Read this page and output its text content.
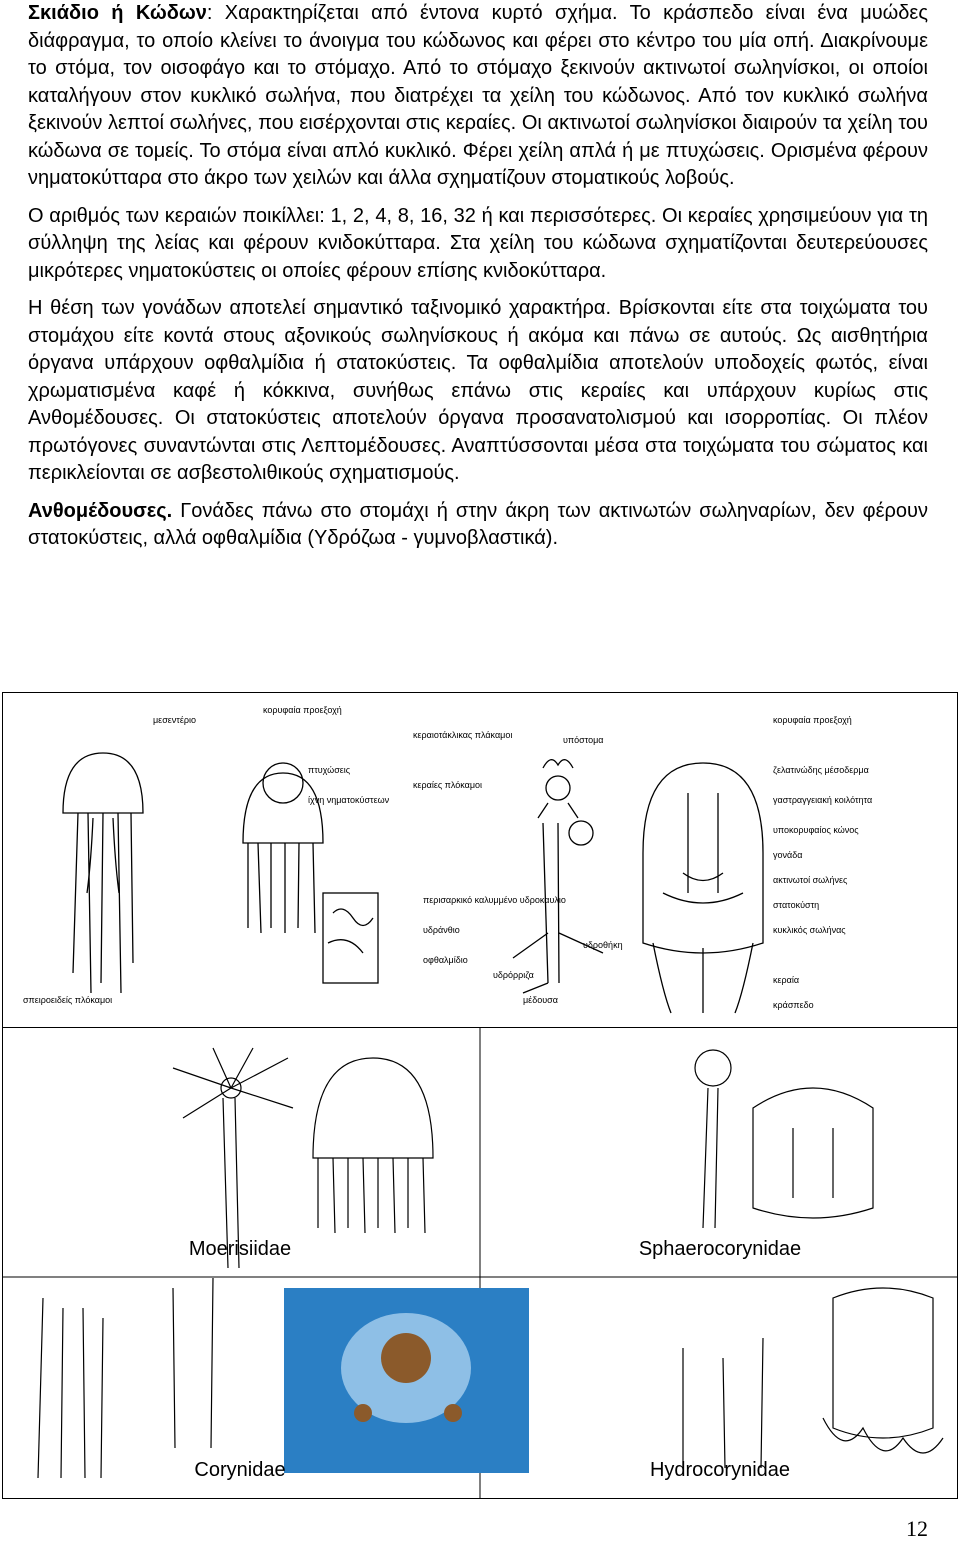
Σκιάδιο ή Κώδων: Χαρακτηρίζεται από έντονα κυρτό σχήμα. Το κράσπεδο είναι ένα μυώδες διάφραγμα, το οποίο κλείνει το άνοιγμα του κώδωνος και φέρει στο κέντρο του μία οπή. Διακρίνουμε το στόμα, τον οισοφάγο και το στόμαχο. Από το στόμαχο ξεκινούν ακτινωτοί σωληνίσκοι, οι οποίοι καταλήγουν στον κυκλικό σωλήνα, που διατρέχει τα χείλη του κώδωνος. Από τον κυκλικό σωλήνα ξεκινούν λεπτοί σωλήνες, που εισέρχονται στις κεραίες. Οι ακτινωτοί σωληνίσκοι διαιρούν τα χείλη του κώδωνα σε τομείς. Το στόμα είναι απλό κυκλικό. Φέρει χείλη απλά ή με πτυχώσεις. Ορισμένα φέρουν νηματοκύτταρα στο άκρο των χειλών και άλλα σχηματίζουν στοματικούς λοβούς.

Ο αριθμός των κεραιών ποικίλλει: 1, 2, 4, 8, 16, 32 ή και περισσότερες. Οι κεραίες χρησιμεύουν για τη σύλληψη της λείας και φέρουν κνιδοκύτταρα. Στα χείλη του κώδωνα σχηματίζονται δευτερεύουσες μικρότερες νηματοκύστεις οι οποίες φέρουν επίσης κνιδοκύτταρα.

Η θέση των γονάδων αποτελεί σημαντικό ταξινομικό χαρακτήρα. Βρίσκονται είτε στα τοιχώματα του στομάχου είτε κοντά στους αξονικούς σωληνίσκους ή ακόμα και πάνω σε αυτούς. Ως αισθητήρια όργανα υπάρχουν οφθαλμίδια ή στατοκύστεις. Τα οφθαλμίδια αποτελούν υποδοχείς φωτός, είναι χρωματισμένα καφέ ή κόκκινα, συνήθως επάνω στις κεραίες και υπάρχουν κυρίως στις Ανθομέδουσες. Οι στατοκύστεις αποτελούν όργανα προσανατολισμού και ισορροπίας. Οι πλέον πρωτόγονες συναντώνται στις Λεπτομέδουσες. Αναπτύσσονται μέσα στα τοιχώματα του σώματος και περικλείονται σε ασβεστολιθικούς σχηματισμούς.

Ανθομέδουσες. Γονάδες πάνω στο στομάχι ή στην άκρη των ακτινωτών σωληναρίων, δεν φέρουν στατοκύστεις, αλλά οφθαλμίδια (Υδρόζωα - γυμνοβλαστικά).

μεσεντέριο
σπειροειδείς πλόκαμοι
κορυφαία προεξοχή
πτυχώσεις
ίχνη νηματοκύστεων
κεραιοτάκλικας πλάκαμοι
κεραίες πλόκαμοι
περισαρκικό καλυμμένο υδροκαυλιο
υδράνθιο
οφθαλμίδιο
υπόστομα
υδροθήκη
υδρόρριζα
μέδουσα
κορυφαία προεξοχή
ζελατινώδης μέσοδερμα
γαστραγγειακή κοιλότητα
υποκορυφαίος κώνος
γονάδα
ακτινωτοί σωλήνες
στατοκύστη
κυκλικός σωλήνας
κεραία
κράσπεδο
Moerisiidae	Sphaerocorynidae
Corynidae	Hydrocorynidae
12
